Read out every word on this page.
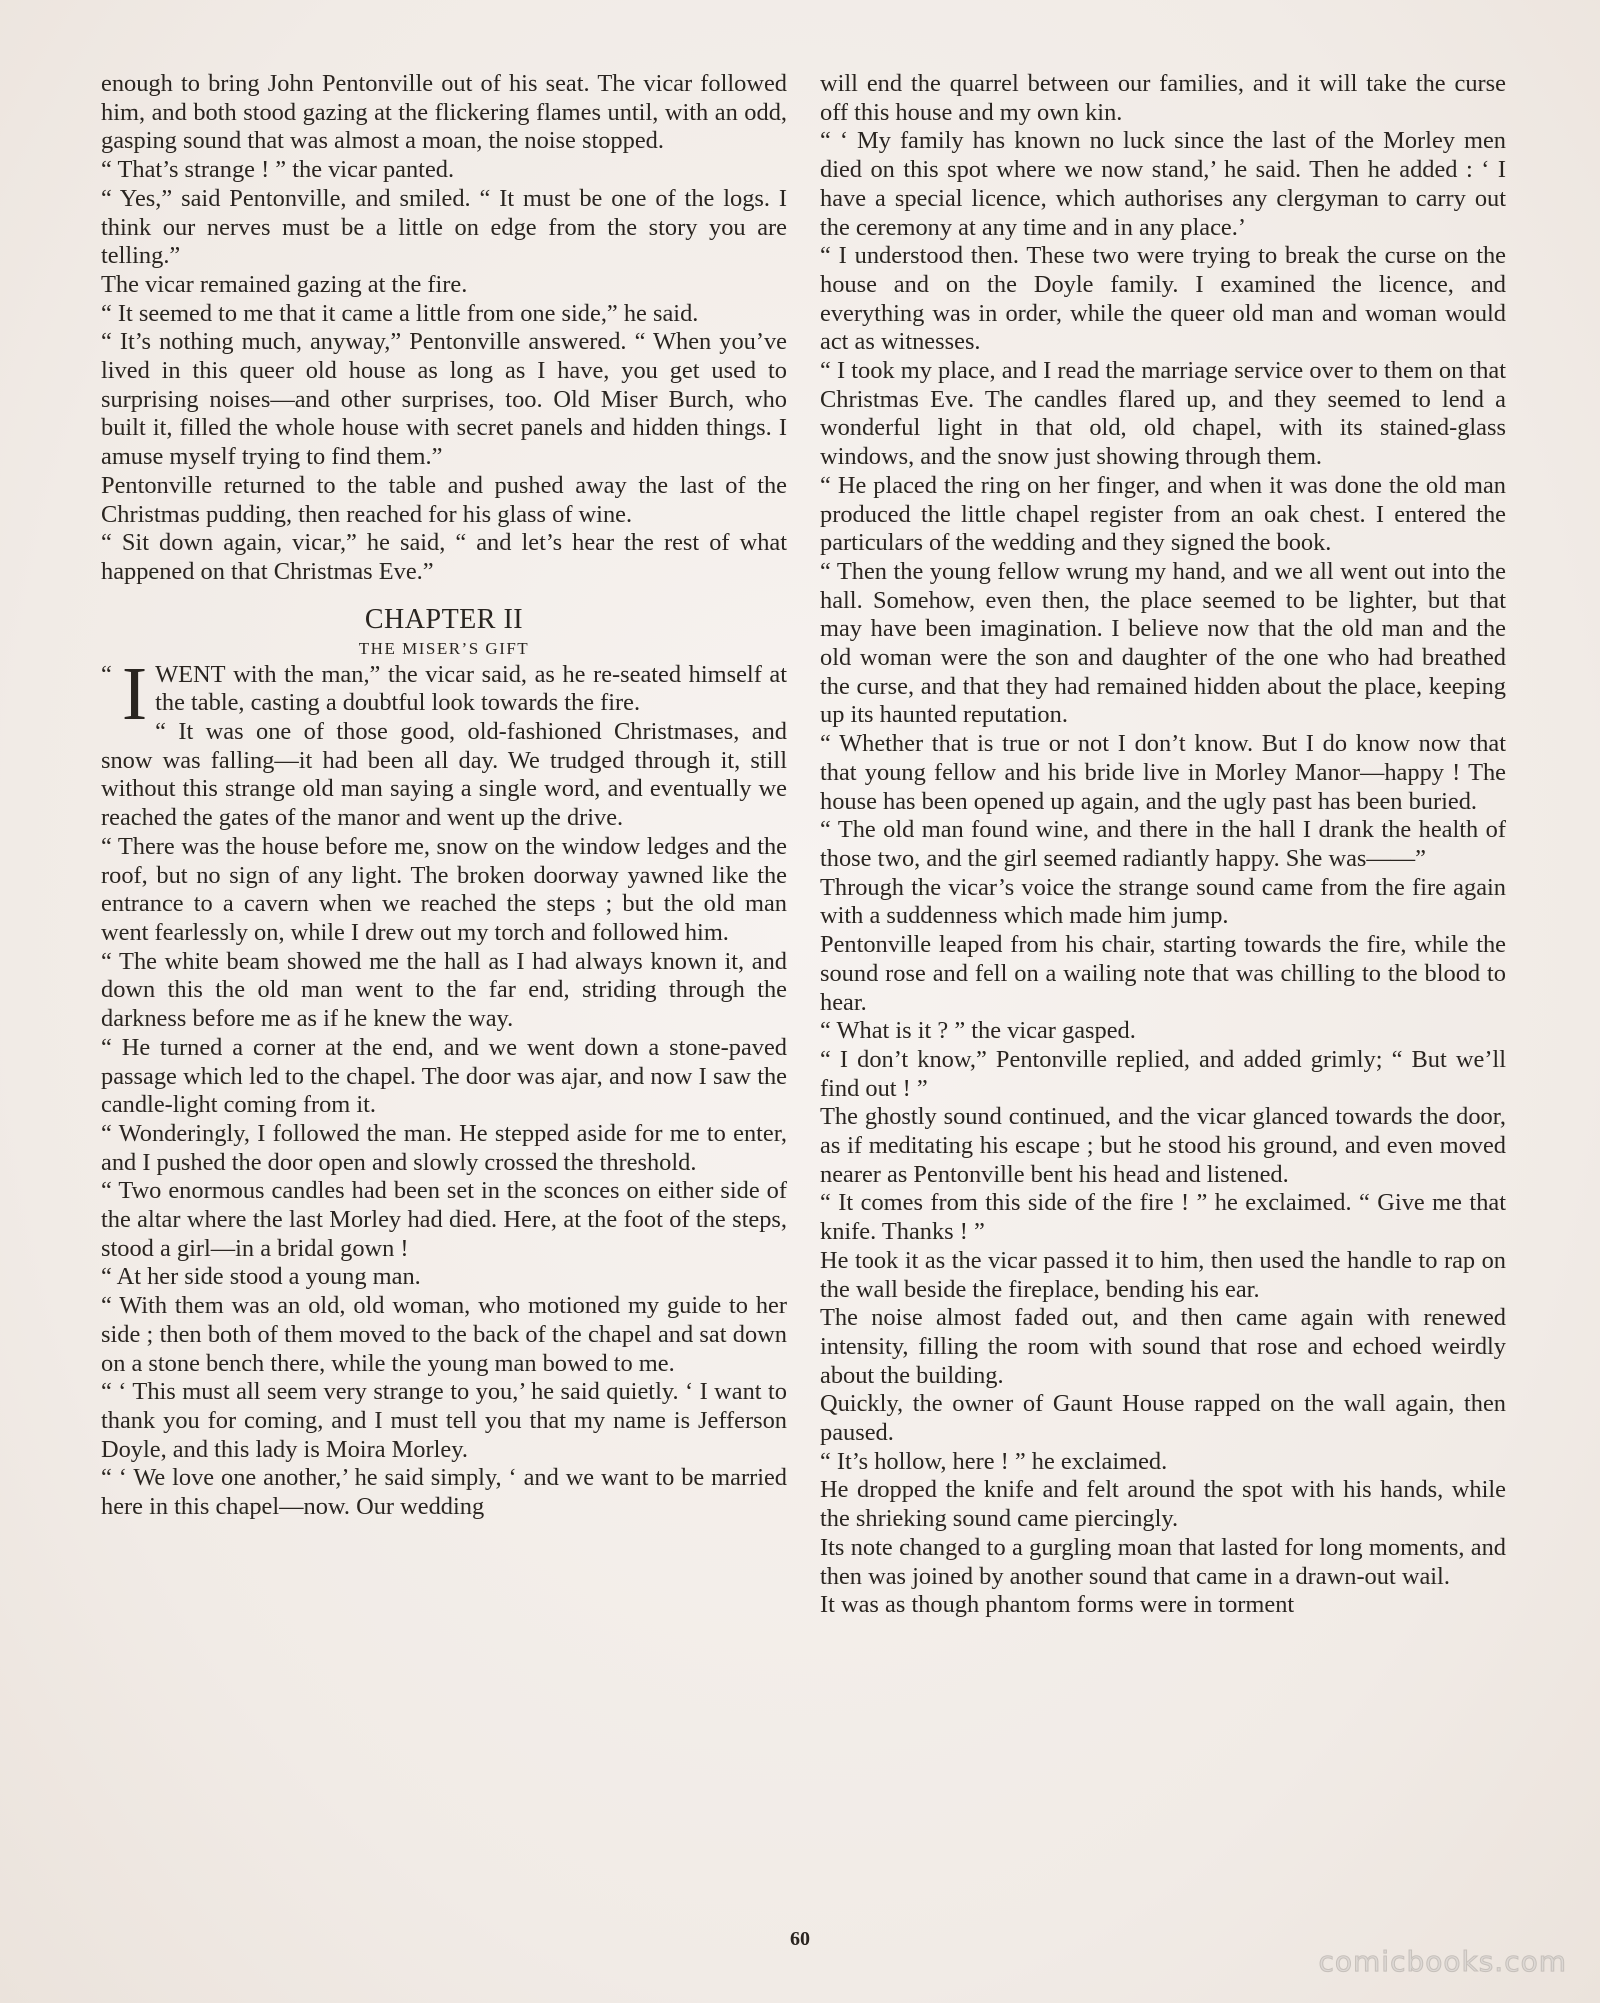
enough to bring John Pentonville out of his seat. The vicar followed him, and both stood gazing at the flickering flames until, with an odd, gasping sound that was almost a moan, the noise stopped.

“ That’s strange ! ” the vicar panted.

“ Yes,” said Pentonville, and smiled. “ It must be one of the logs. I think our nerves must be a little on edge from the story you are telling.”

The vicar remained gazing at the fire.

“ It seemed to me that it came a little from one side,” he said.

“ It’s nothing much, anyway,” Pentonville answered. “ When you’ve lived in this queer old house as long as I have, you get used to surprising noises—and other surprises, too. Old Miser Burch, who built it, filled the whole house with secret panels and hidden things. I amuse myself trying to find them.”

Pentonville returned to the table and pushed away the last of the Christmas pudding, then reached for his glass of wine.

“ Sit down again, vicar,” he said, “ and let’s hear the rest of what happened on that Christmas Eve.”

CHAPTER II
THE MISER’S GIFT

“ I WENT with the man,” the vicar said, as he re-seated himself at the table, casting a doubtful look towards the fire.

“ It was one of those good, old-fashioned Christmases, and snow was falling—it had been all day. We trudged through it, still without this strange old man saying a single word, and eventually we reached the gates of the manor and went up the drive.

“ There was the house before me, snow on the window ledges and the roof, but no sign of any light. The broken doorway yawned like the entrance to a cavern when we reached the steps ; but the old man went fearlessly on, while I drew out my torch and followed him.

“ The white beam showed me the hall as I had always known it, and down this the old man went to the far end, striding through the darkness before me as if he knew the way.

“ He turned a corner at the end, and we went down a stone-paved passage which led to the chapel. The door was ajar, and now I saw the candle-light coming from it.

“ Wonderingly, I followed the man. He stepped aside for me to enter, and I pushed the door open and slowly crossed the threshold.

“ Two enormous candles had been set in the sconces on either side of the altar where the last Morley had died. Here, at the foot of the steps, stood a girl—in a bridal gown !

“ At her side stood a young man.

“ With them was an old, old woman, who motioned my guide to her side ; then both of them moved to the back of the chapel and sat down on a stone bench there, while the young man bowed to me.

“ ‘ This must all seem very strange to you,’ he said quietly. ‘ I want to thank you for coming, and I must tell you that my name is Jefferson Doyle, and this lady is Moira Morley.

“ ‘ We love one another,’ he said simply, ‘ and we want to be married here in this chapel—now. Our wedding

will end the quarrel between our families, and it will take the curse off this house and my own kin.

“ ‘ My family has known no luck since the last of the Morley men died on this spot where we now stand,’ he said. Then he added : ‘ I have a special licence, which authorises any clergyman to carry out the ceremony at any time and in any place.’

“ I understood then. These two were trying to break the curse on the house and on the Doyle family. I examined the licence, and everything was in order, while the queer old man and woman would act as witnesses.

“ I took my place, and I read the marriage service over to them on that Christmas Eve. The candles flared up, and they seemed to lend a wonderful light in that old, old chapel, with its stained-glass windows, and the snow just showing through them.

“ He placed the ring on her finger, and when it was done the old man produced the little chapel register from an oak chest. I entered the particulars of the wedding and they signed the book.

“ Then the young fellow wrung my hand, and we all went out into the hall. Somehow, even then, the place seemed to be lighter, but that may have been imagination. I believe now that the old man and the old woman were the son and daughter of the one who had breathed the curse, and that they had remained hidden about the place, keeping up its haunted reputation.

“ Whether that is true or not I don’t know. But I do know now that that young fellow and his bride live in Morley Manor—happy ! The house has been opened up again, and the ugly past has been buried.

“ The old man found wine, and there in the hall I drank the health of those two, and the girl seemed radiantly happy. She was——”

Through the vicar’s voice the strange sound came from the fire again with a suddenness which made him jump.

Pentonville leaped from his chair, starting towards the fire, while the sound rose and fell on a wailing note that was chilling to the blood to hear.

“ What is it ? ” the vicar gasped.

“ I don’t know,” Pentonville replied, and added grimly; “ But we’ll find out ! ”

The ghostly sound continued, and the vicar glanced towards the door, as if meditating his escape ; but he stood his ground, and even moved nearer as Pentonville bent his head and listened.

“ It comes from this side of the fire ! ” he exclaimed. “ Give me that knife. Thanks ! ”

He took it as the vicar passed it to him, then used the handle to rap on the wall beside the fireplace, bending his ear.

The noise almost faded out, and then came again with renewed intensity, filling the room with sound that rose and echoed weirdly about the building.

Quickly, the owner of Gaunt House rapped on the wall again, then paused.

“ It’s hollow, here ! ” he exclaimed.

He dropped the knife and felt around the spot with his hands, while the shrieking sound came piercingly.

Its note changed to a gurgling moan that lasted for long moments, and then was joined by another sound that came in a drawn-out wail.

It was as though phantom forms were in torment

60
comicbooks.com
